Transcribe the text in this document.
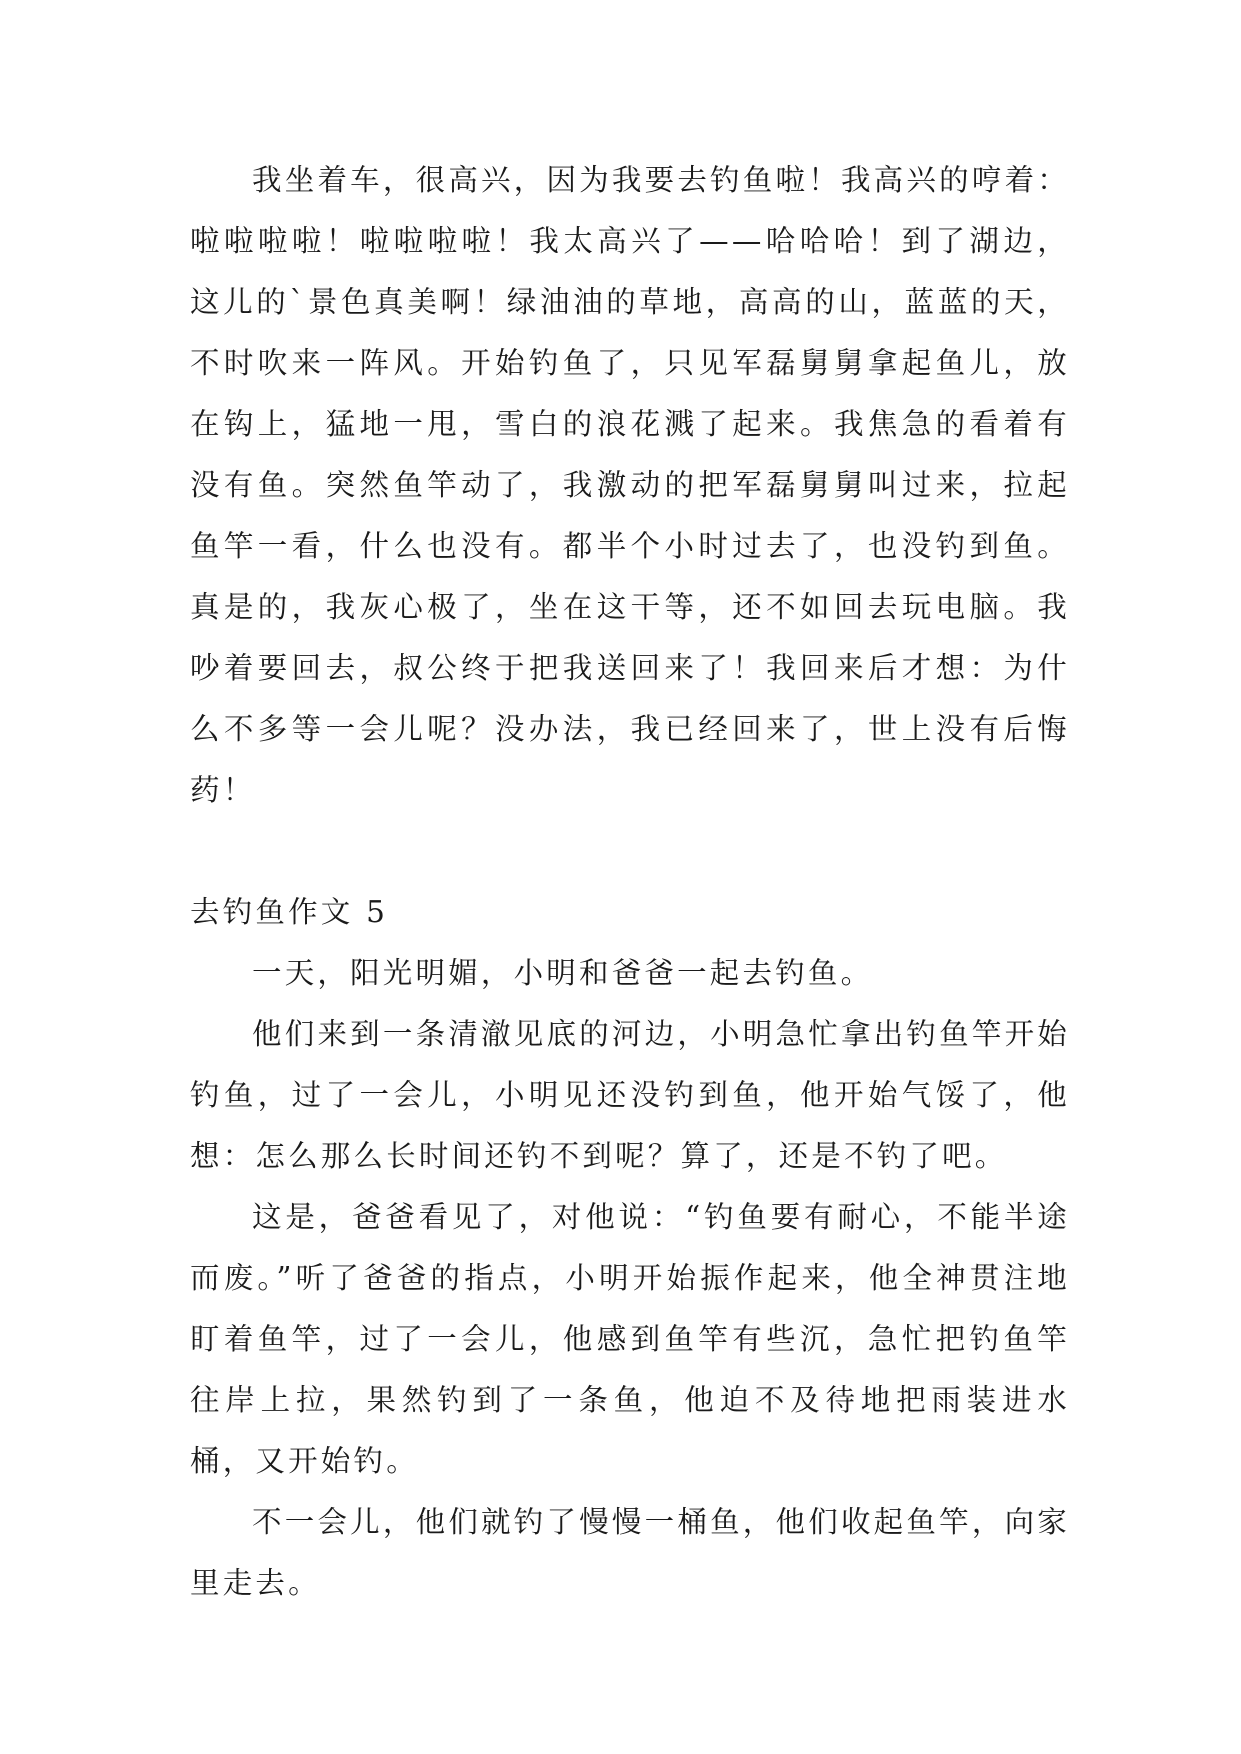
我坐着车，很高兴，因为我要去钓鱼啦！我高兴的哼着：啦啦啦啦！啦啦啦啦！我太高兴了——哈哈哈！到了湖边，这儿的`景色真美啊！绿油油的草地，高高的山，蓝蓝的天，不时吹来一阵风。开始钓鱼了，只见军磊舅舅拿起鱼儿，放在钩上，猛地一甩，雪白的浪花溅了起来。我焦急的看着有没有鱼。突然鱼竿动了，我激动的把军磊舅舅叫过来，拉起鱼竿一看，什么也没有。都半个小时过去了，也没钓到鱼。真是的，我灰心极了，坐在这干等，还不如回去玩电脑。我吵着要回去，叔公终于把我送回来了！我回来后才想：为什么不多等一会儿呢？没办法，我已经回来了，世上没有后悔药！

去钓鱼作文 5

一天，阳光明媚，小明和爸爸一起去钓鱼。

他们来到一条清澈见底的河边，小明急忙拿出钓鱼竿开始钓鱼，过了一会儿，小明见还没钓到鱼，他开始气馁了，他想：怎么那么长时间还钓不到呢？算了，还是不钓了吧。

这是，爸爸看见了，对他说：“钓鱼要有耐心，不能半途而废。”听了爸爸的指点，小明开始振作起来，他全神贯注地盯着鱼竿，过了一会儿，他感到鱼竿有些沉，急忙把钓鱼竿往岸上拉，果然钓到了一条鱼，他迫不及待地把雨装进水桶，又开始钓。

不一会儿，他们就钓了慢慢一桶鱼，他们收起鱼竿，向家里走去。
